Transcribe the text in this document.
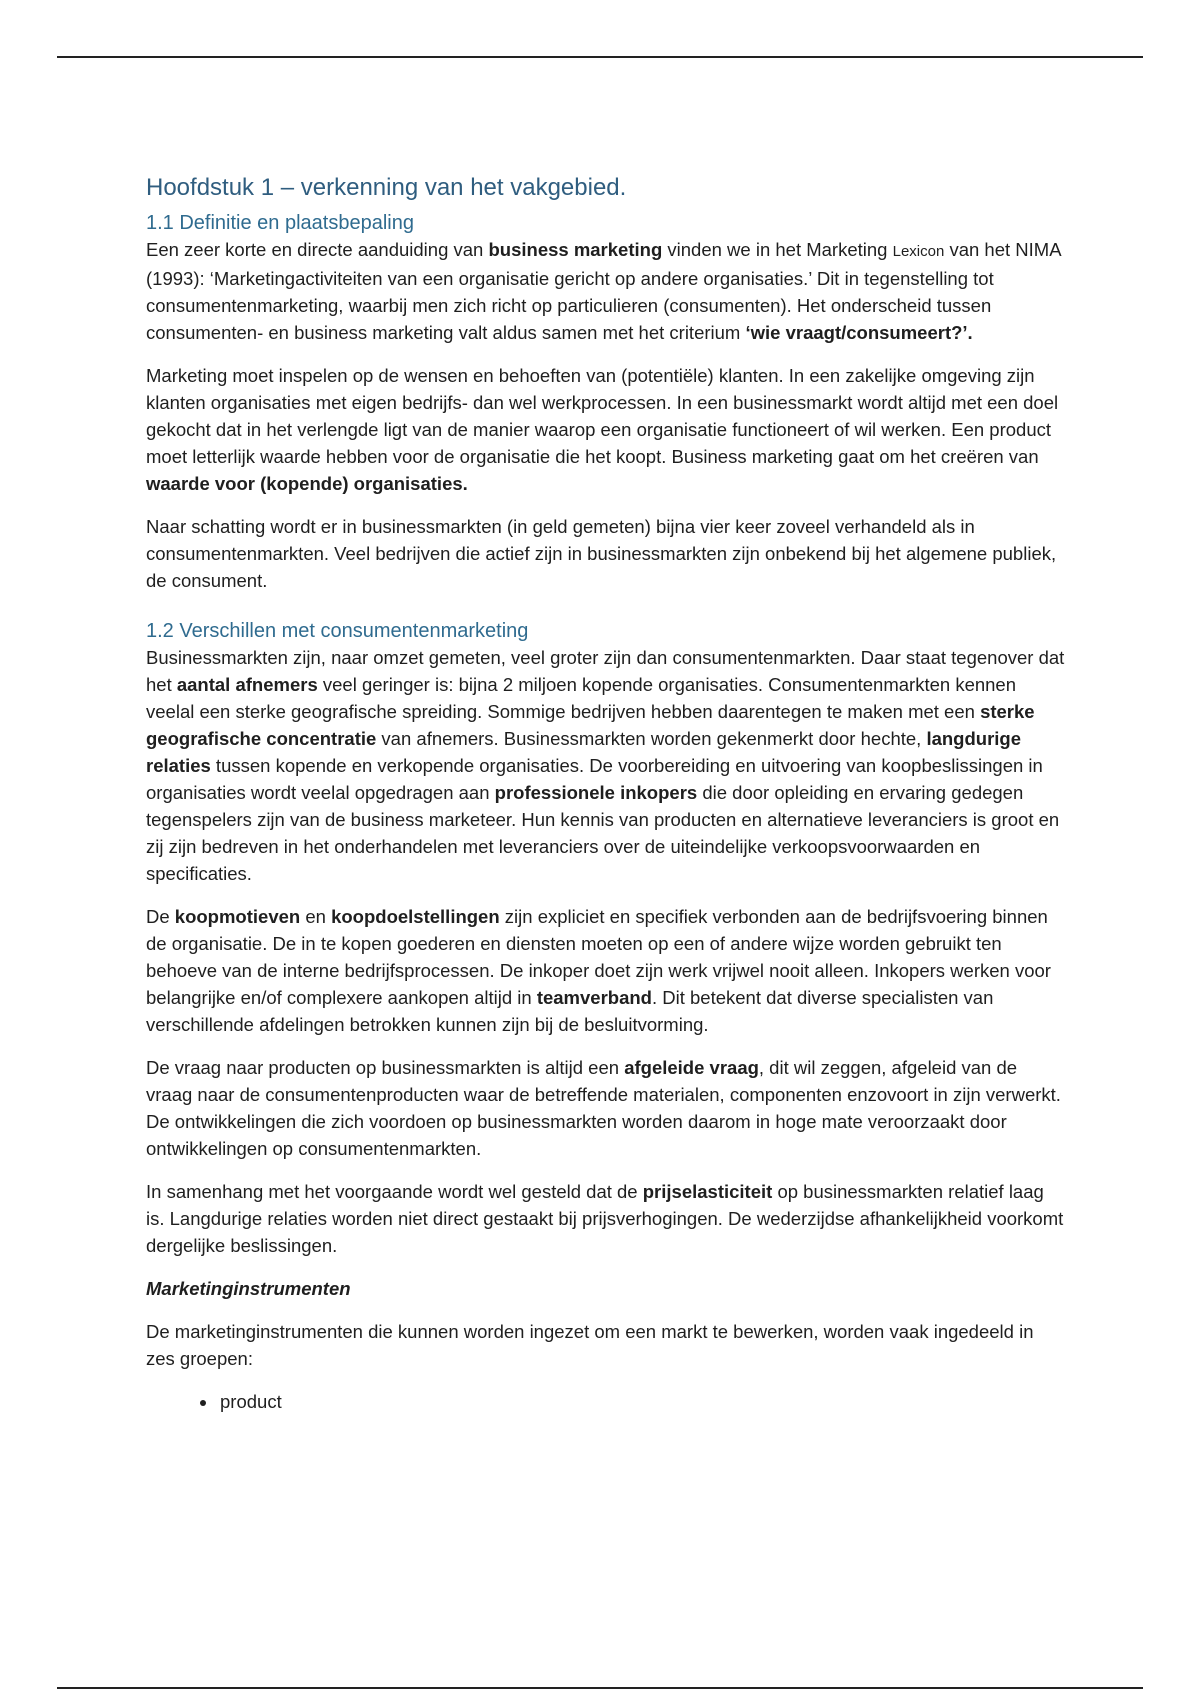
Hoofdstuk 1 – verkenning van het vakgebied.
1.1 Definitie en plaatsbepaling

Een zeer korte en directe aanduiding van business marketing vinden we in het Marketing Lexicon van het NIMA (1993): ‘Marketingactiviteiten van een organisatie gericht op andere organisaties.’ Dit in tegenstelling tot consumentenmarketing, waarbij men zich richt op particulieren (consumenten). Het onderscheid tussen consumenten- en business marketing valt aldus samen met het criterium ‘wie vraagt/consumeert?’.

Marketing moet inspelen op de wensen en behoeften van (potentiële) klanten. In een zakelijke omgeving zijn klanten organisaties met eigen bedrijfs- dan wel werkprocessen. In een businessmarkt wordt altijd met een doel gekocht dat in het verlengde ligt van de manier waarop een organisatie functioneert of wil werken. Een product moet letterlijk waarde hebben voor de organisatie die het koopt. Business marketing gaat om het creëren van waarde voor (kopende) organisaties.

Naar schatting wordt er in businessmarkten (in geld gemeten) bijna vier keer zoveel verhandeld als in consumentenmarkten. Veel bedrijven die actief zijn in businessmarkten zijn onbekend bij het algemene publiek, de consument.

1.2 Verschillen met consumentenmarketing

Businessmarkten zijn, naar omzet gemeten, veel groter zijn dan consumentenmarkten. Daar staat tegenover dat het aantal afnemers veel geringer is: bijna 2 miljoen kopende organisaties. Consumentenmarkten kennen veelal een sterke geografische spreiding. Sommige bedrijven hebben daarentegen te maken met een sterke geografische concentratie van afnemers. Businessmarkten worden gekenmerkt door hechte, langdurige relaties tussen kopende en verkopende organisaties. De voorbereiding en uitvoering van koopbeslissingen in organisaties wordt veelal opgedragen aan professionele inkopers die door opleiding en ervaring gedegen tegenspelers zijn van de business marketeer. Hun kennis van producten en alternatieve leveranciers is groot en zij zijn bedreven in het onderhandelen met leveranciers over de uiteindelijke verkoopsvoorwaarden en specificaties.

De koopmotieven en koopdoelstellingen zijn expliciet en specifiek verbonden aan de bedrijfsvoering binnen de organisatie. De in te kopen goederen en diensten moeten op een of andere wijze worden gebruikt ten behoeve van de interne bedrijfsprocessen. De inkoper doet zijn werk vrijwel nooit alleen. Inkopers werken voor belangrijke en/of complexere aankopen altijd in teamverband. Dit betekent dat diverse specialisten van verschillende afdelingen betrokken kunnen zijn bij de besluitvorming.

De vraag naar producten op businessmarkten is altijd een afgeleide vraag, dit wil zeggen, afgeleid van de vraag naar de consumentenproducten waar de betreffende materialen, componenten enzovoort in zijn verwerkt. De ontwikkelingen die zich voordoen op businessmarkten worden daarom in hoge mate veroorzaakt door ontwikkelingen op consumentenmarkten.

In samenhang met het voorgaande wordt wel gesteld dat de prijselasticiteit op businessmarkten relatief laag is. Langdurige relaties worden niet direct gestaakt bij prijsverhogingen. De wederzijdse afhankelijkheid voorkomt dergelijke beslissingen.

Marketinginstrumenten

De marketinginstrumenten die kunnen worden ingezet om een markt te bewerken, worden vaak ingedeeld in zes groepen:

• product
